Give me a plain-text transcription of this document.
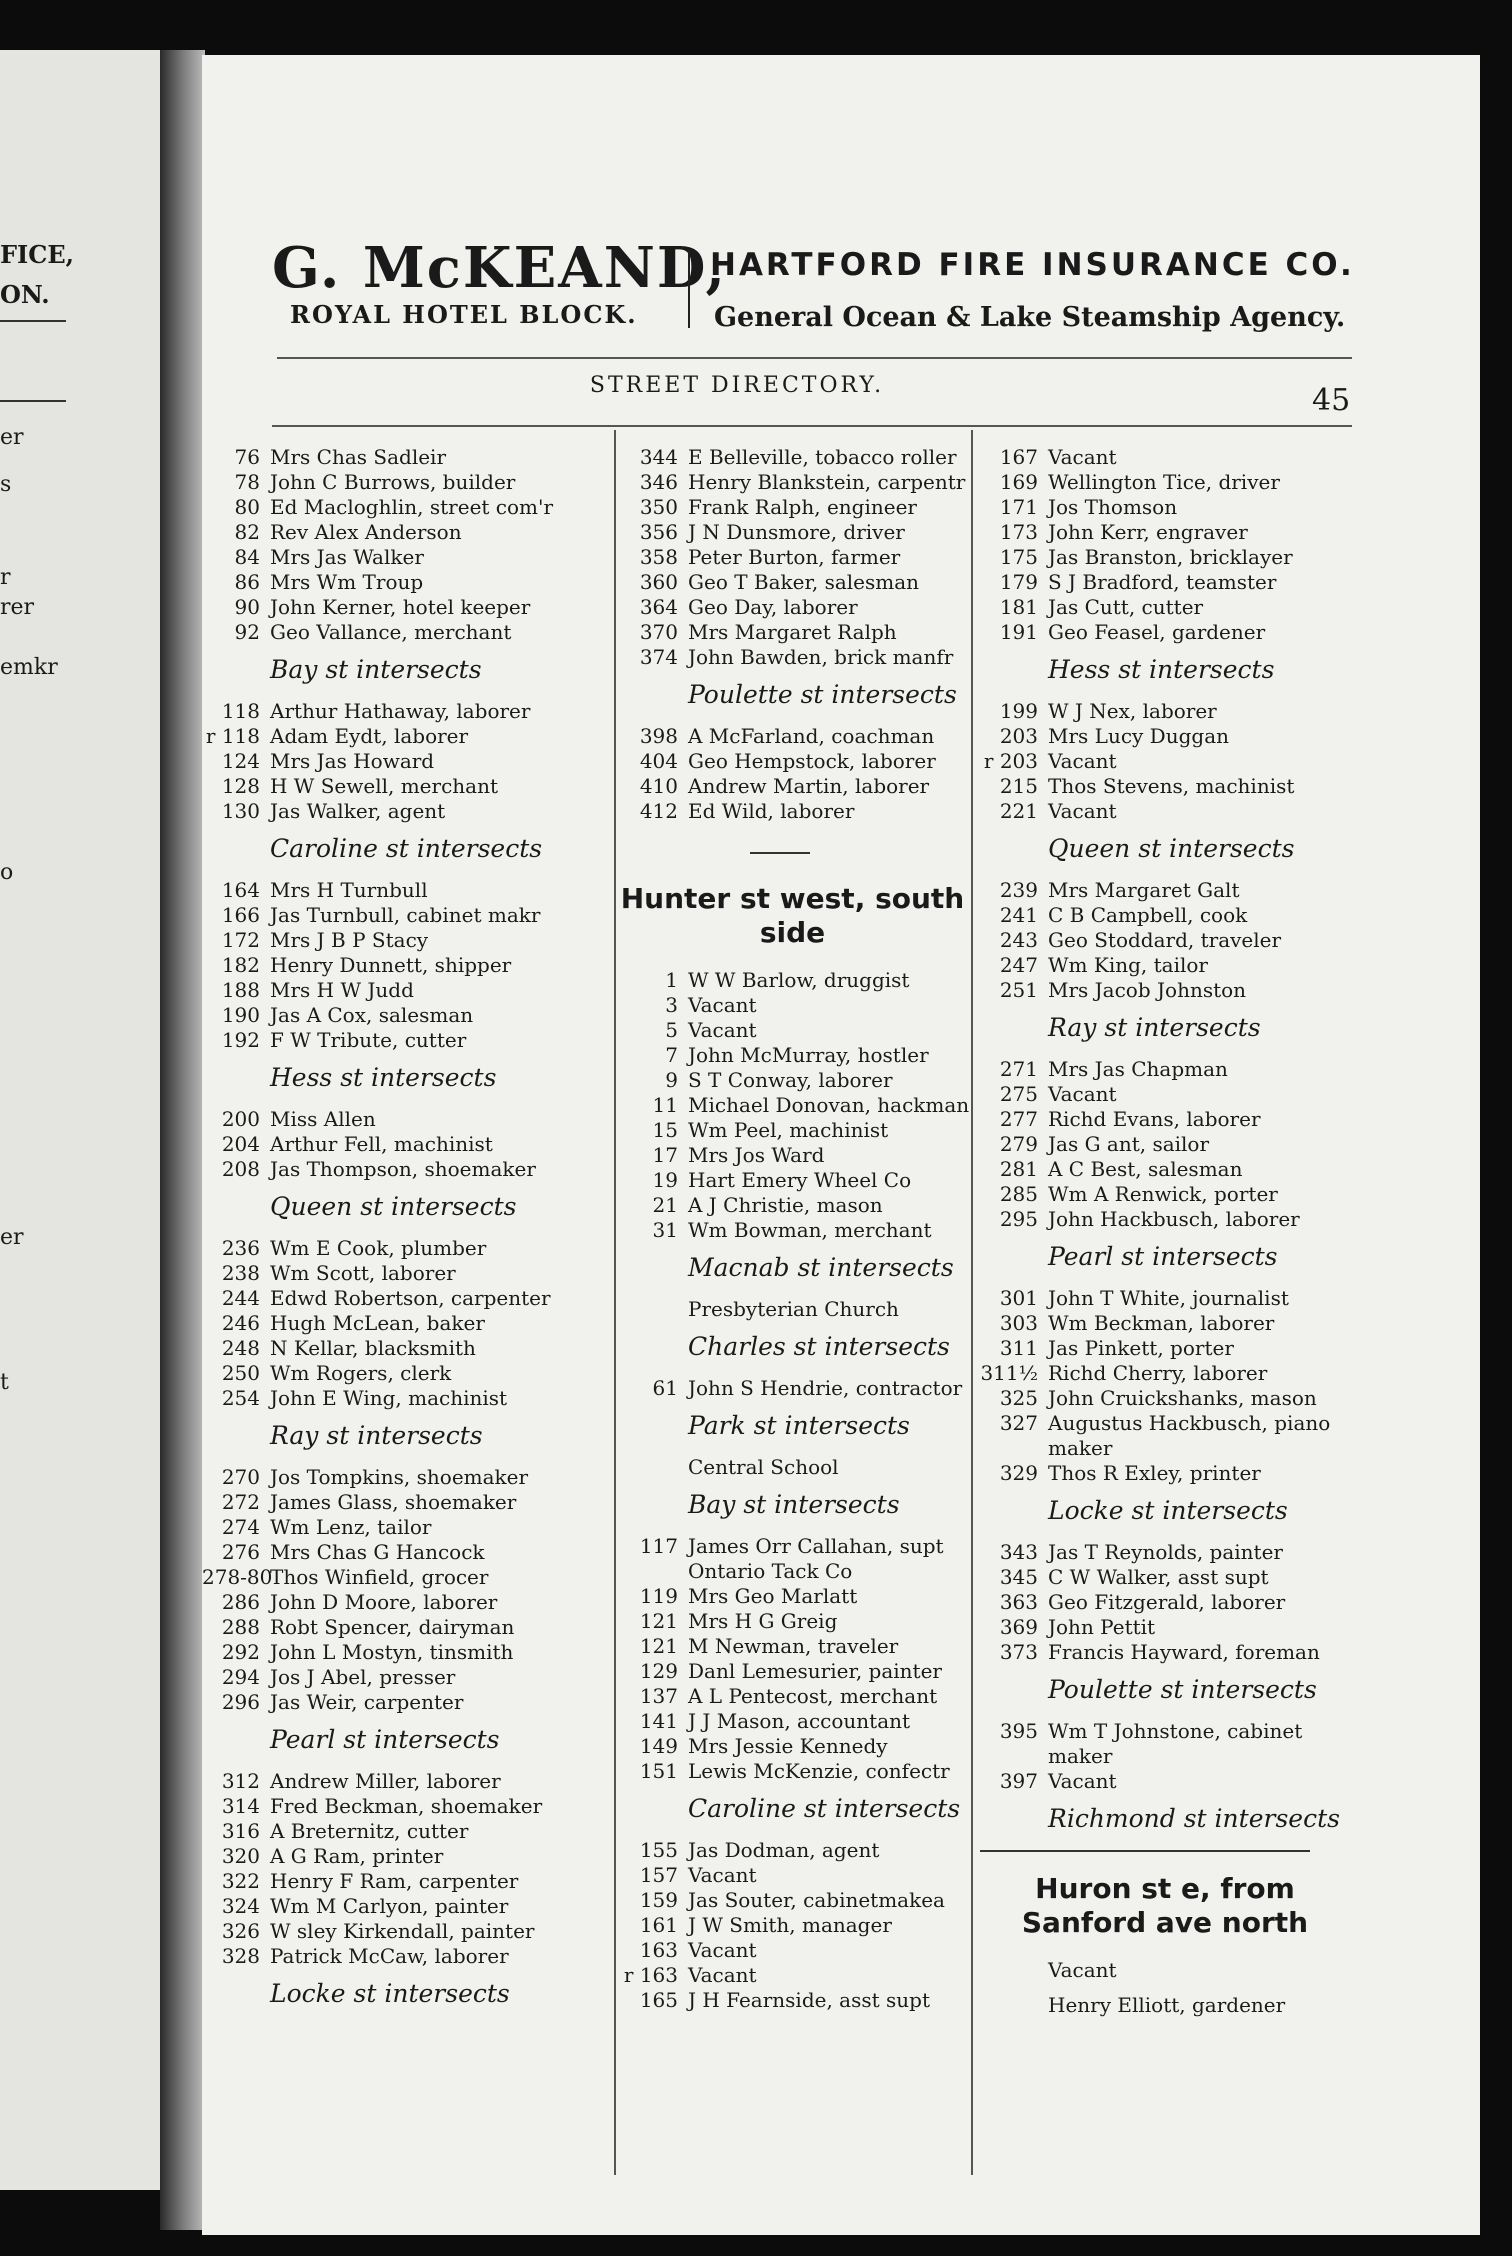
FICE,
ON.
er
s
r
rer
emkr
o
er
t
G. McKEAND,
ROYAL HOTEL BLOCK.
HARTFORD FIRE INSURANCE CO.
General Ocean & Lake Steamship Agency.
STREET DIRECTORY.	45
76 Mrs Chas Sadleir
78 John C Burrows, builder
80 Ed Macloghlin, street com'r
82 Rev Alex Anderson
84 Mrs Jas Walker
86 Mrs Wm Troup
90 John Kerner, hotel keeper
92 Geo Vallance, merchant
Bay st intersects
118 Arthur Hathaway, laborer
r 118 Adam Eydt, laborer
124 Mrs Jas Howard
128 H W Sewell, merchant
130 Jas Walker, agent
Caroline st intersects
164 Mrs H Turnbull
166 Jas Turnbull, cabinet makr
172 Mrs J B P Stacy
182 Henry Dunnett, shipper
188 Mrs H W Judd
190 Jas A Cox, salesman
192 F W Tribute, cutter
Hess st intersects
200 Miss Allen
204 Arthur Fell, machinist
208 Jas Thompson, shoemaker
Queen st intersects
236 Wm E Cook, plumber
238 Wm Scott, laborer
244 Edwd Robertson, carpenter
246 Hugh McLean, baker
248 N Kellar, blacksmith
250 Wm Rogers, clerk
254 John E Wing, machinist
Ray st intersects
270 Jos Tompkins, shoemaker
272 James Glass, shoemaker
274 Wm Lenz, tailor
276 Mrs Chas G Hancock
278-80
Thos Winfield, grocer
286 John D Moore, laborer
288 Robt Spencer, dairyman
292 John L Mostyn, tinsmith
294 Jos J Abel, presser
296 Jas Weir, carpenter
Pearl st intersects
312 Andrew Miller, laborer
314 Fred Beckman, shoemaker
316 A Breternitz, cutter
320 A G Ram, printer
322 Henry F Ram, carpenter
324 Wm M Carlyon, painter
326 W sley Kirkendall, painter
328 Patrick McCaw, laborer
Locke st intersects
344 E Belleville, tobacco roller
346 Henry Blankstein, carpentr
350 Frank Ralph, engineer
356 J N Dunsmore, driver
358 Peter Burton, farmer
360 Geo T Baker, salesman
364 Geo Day, laborer
370 Mrs Margaret Ralph
374 John Bawden, brick manfr
Poulette st intersects
398 A McFarland, coachman
404 Geo Hempstock, laborer
410 Andrew Martin, laborer
412 Ed Wild, laborer
Hunter st west, south side
1 W W Barlow, druggist
3 Vacant
5 Vacant
7 John McMurray, hostler
9 S T Conway, laborer
11 Michael Donovan, hackman
15 Wm Peel, machinist
17 Mrs Jos Ward
19 Hart Emery Wheel Co
21 A J Christie, mason
31 Wm Bowman, merchant
Macnab st intersects
Presbyterian Church
Charles st intersects
61 John S Hendrie, contractor
Park st intersects
Central School
Bay st intersects
117 James Orr Callahan, supt
Ontario Tack Co
119 Mrs Geo Marlatt
121 Mrs H G Greig
121 M Newman, traveler
129 Danl Lemesurier, painter
137 A L Pentecost, merchant
141 J J Mason, accountant
149 Mrs Jessie Kennedy
151 Lewis McKenzie, confectr
Caroline st intersects
155 Jas Dodman, agent
157 Vacant
159 Jas Souter, cabinetmakea
161 J W Smith, manager
163 Vacant
r 163 Vacant
165 J H Fearnside, asst supt
167 Vacant
169 Wellington Tice, driver
171 Jos Thomson
173 John Kerr, engraver
175 Jas Branston, bricklayer
179 S J Bradford, teamster
181 Jas Cutt, cutter
191 Geo Feasel, gardener
Hess st intersects
199 W J Nex, laborer
203 Mrs Lucy Duggan
r 203 Vacant
215 Thos Stevens, machinist
221 Vacant
Queen st intersects
239 Mrs Margaret Galt
241 C B Campbell, cook
243 Geo Stoddard, traveler
247 Wm King, tailor
251 Mrs Jacob Johnston
Ray st intersects
271 Mrs Jas Chapman
275 Vacant
277 Richd Evans, laborer
279 Jas G ant, sailor
281 A C Best, salesman
285 Wm A Renwick, porter
295 John Hackbusch, laborer
Pearl st intersects
301 John T White, journalist
303 Wm Beckman, laborer
311 Jas Pinkett, porter
311½ Richd Cherry, laborer
325 John Cruickshanks, mason
327 Augustus Hackbusch, piano
maker
329 Thos R Exley, printer
Locke st intersects
343 Jas T Reynolds, painter
345 C W Walker, asst supt
363 Geo Fitzgerald, laborer
369 John Pettit
373 Francis Hayward, foreman
Poulette st intersects
395 Wm T Johnstone, cabinet
maker
397 Vacant
Richmond st intersects
Huron st e, from Sanford ave north
Vacant
Henry Elliott, gardener
